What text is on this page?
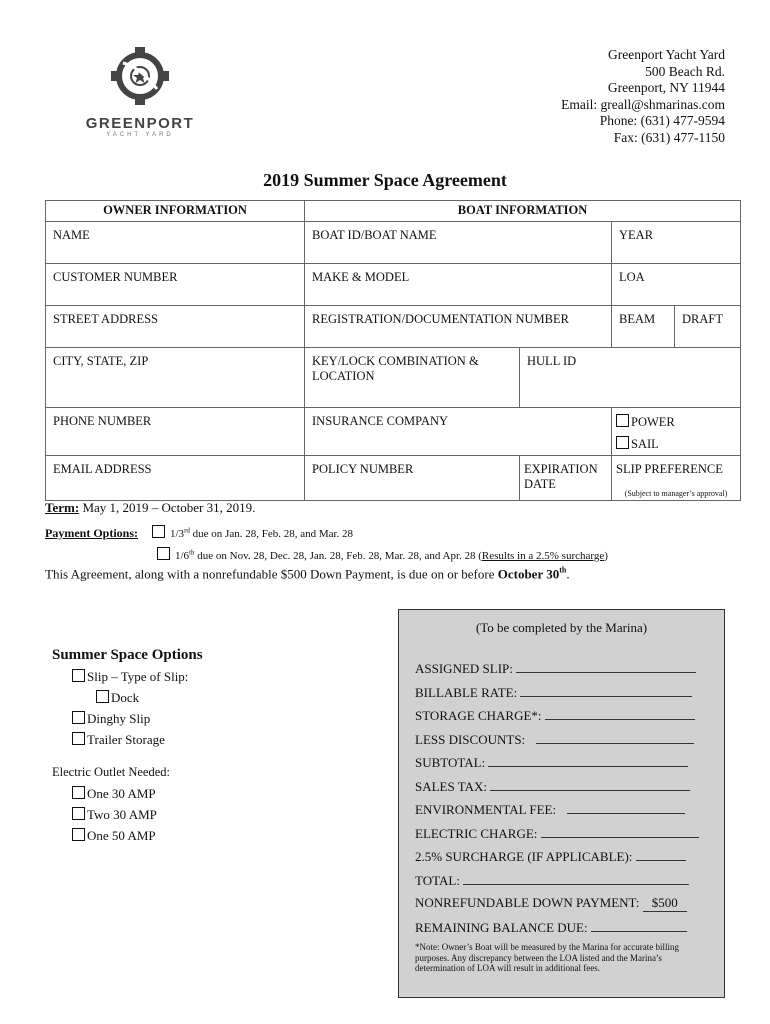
GREENPORT
YACHT YARD
Greenport Yacht Yard
500 Beach Rd.
Greenport, NY 11944
Email: greall@shmarinas.com
Phone: (631) 477-9594
Fax: (631) 477-1150
2019 Summer Space Agreement
OWNER INFORMATION	BOAT INFORMATION			
NAME	BOAT ID/BOAT NAME		YEAR	
CUSTOMER NUMBER	MAKE & MODEL		LOA	
STREET ADDRESS	REGISTRATION/DOCUMENTATION NUMBER		BEAM	DRAFT
CITY, STATE, ZIP	KEY/LOCK COMBINATION & LOCATION	HULL ID		
PHONE NUMBER	INSURANCE COMPANY		POWER
SAIL	

EMAIL ADDRESS	POLICY NUMBER	EXPIRATION DATE	SLIP PREFERENCE
(Subject to manager’s approval)	
Term: May 1, 2019 – October 31, 2019.
Payment Options:	1/3rd due on Jan. 28, Feb. 28, and Mar. 28
1/6th due on Nov. 28, Dec. 28, Jan. 28, Feb. 28, Mar. 28, and Apr. 28 (Results in a 2.5% surcharge)
This Agreement, along with a nonrefundable $500 Down Payment, is due on or before October 30th.
Summer Space Options
Slip – Type of Slip:
Dock
Dinghy Slip
Trailer Storage
Electric Outlet Needed:
One 30 AMP
Two 30 AMP
One 50 AMP
(To be completed by the Marina)
ASSIGNED SLIP:
BILLABLE RATE:
STORAGE CHARGE*:
LESS DISCOUNTS:
SUBTOTAL:
SALES TAX:
ENVIRONMENTAL FEE:
ELECTRIC CHARGE:
2.5% SURCHARGE (IF APPLICABLE):
TOTAL:
NONREFUNDABLE DOWN PAYMENT: $500
REMAINING BALANCE DUE:
*Note: Owner’s Boat will be measured by the Marina for accurate billing purposes. Any discrepancy between the LOA listed and the Marina’s determination of LOA will result in additional fees.
